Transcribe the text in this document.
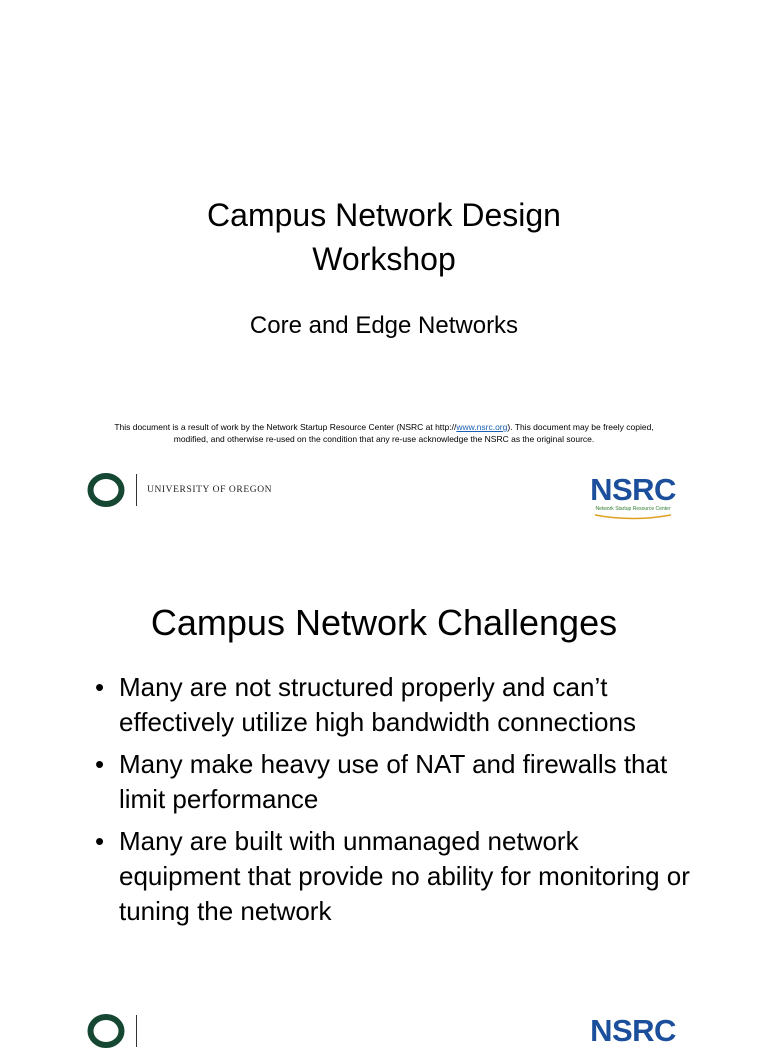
Campus Network Design
Workshop
Core and Edge Networks
This document is a result of work by the Network Startup Resource Center (NSRC at http://www.nsrc.org). This document may be freely copied, modified, and otherwise re-used on the condition that any re-use acknowledge the NSRC as the original source.
UNIVERSITY OF OREGON	NSRC
Network Startup Resource Center
Campus Network Challenges
• Many are not structured properly and can’t effectively utilize high bandwidth connections
• Many make heavy use of NAT and firewalls that limit performance
• Many are built with unmanaged network equipment that provide no ability for monitoring or tuning the network
NSRC
